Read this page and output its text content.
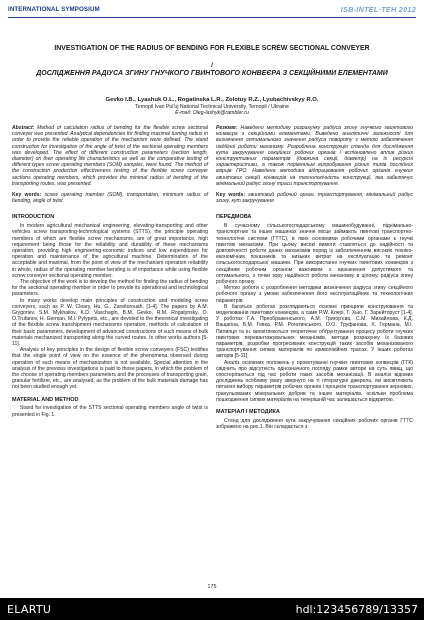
INTERNATIONAL SYMPOSIUM	ISB-INTEL·TEH 2012
INVESTIGATION OF THE RADIUS OF BENDING FOR FLEXIBLE SCREW SECTIONAL CONVEYER
/
ДОСЛІДЖЕННЯ РАДІУСА ЗГИНУ ГНУЧКОГО ГВИНТОВОГО КОНВЕЄРА З СЕКЦІЙНИМИ ЕЛЕМЕНТАМИ
Gevko I.B., Lyashuk O.L., Rogatinska L.R., Zolotuy R.Z., Lyubachivskyy R.O.
Ternopil Ivan Pul'uj National Technical University, Ternopil / Ukraine
E-mail: Oleg-lashyk@rambler.ru

Abstract: Method of calculation radius of bending for the flexible screw sectional conveyer was presented. Analytical dependencies for finding maximal turning radius in order to provide the reliable operation of the mechanism were defined. The stand construction for investigation of the angle of twist of the sectional operating members was developed. The effect of different construction parameters (section length, diameter) on their operating life characteristics as well as the comparative testing of different types screw operating members (SOM) samples, were found. The method of the construction production effectiveness testing of the flexible screw conveyer sections operating members, which provides the minimal radius of bending of the transporting routes, was presented.

Key words: screw operating member (SOM), transportation, minimum radius of bending, angle of twist

INTRODUCTION

In modern agricultural mechanical engineering, elevating-transporting and other vehicles screw transporting-technological systems (STTS), the principle operating members of which are flexible screw mechanisms, are of great importance, high requirement being those for the reliability and durability of these mechanisms operation, providing high engineering-economic indices and low expenditures for operation and maintenance of the agricultural machine. Determination of the acceptable and maximal, from the point of view of the mechanism operation reliability in whole, radius of the operating member bending is of importance while using flexible screw conveyer sectional operating member.

The objective of the work is to develop the method for finding the radius of bending for the sectional operating member in order to provide its operational and technological parameters.

In many works develop main principles of construction and modeling screw conveyers, such as P. W. Cleary, Hu, G., Zareitorouah. [1-4]. The papers by A.M. Grygoriev, S.M. Mykhailov, K.D. Vaschagin, B.M. Gevko, R.M. Rogatynsky, O. O.Trufanov, H. German, M.I. Pylypets, etc., are devoted to the theoretical investigating of the flexible screw transhipment mechanisms operation, methods of calculation of their basic parameters, development of advanced constructions of such means of bulk materials mechanized transporting along the curved routes. In other works authors [5-11].

Analysis of key principles in the design of flexible screw conveyers (FSC) testifies that the single point of view on the essence of the phenomena observed during operation of such means of mechanization is not available. Special attention in the analysis of the previous investigations is paid to those papers, in which the problem of the choose of operating members parameters and the processes of transporting grain, granular fertilizer, etc., are analysed, as the problem of the bulk materials damage has not been studied enough yet.

MATERIAL AND METHOD

Stand for investigation of the STTS sectional operating members angle of twist is presented in Fig. 1.

Резюме: Наведено методику розрахунку радіуса згину гнучкого гвинтового конвеєра з секційними елементами. Виведено аналітичні залежності для визначення оптимального значення радіуса повороту з метою забезпечення надійної роботи механізму. Розроблена конструкція стенда для дослідження кута закручування секційних робочих органів і встановлено вплив різних конструктивних параметрів (довжина секції, діаметр) на їх ресурсні характеристики, а також порівняльні випробування різних типів дослідних взірців ГРО. Наведена методика відпрацювання робочих органів гнучких гвинтових секцій конвеєрів на технологічність конструкції, яка забезпечує мінімальний радіус згину траси транспортування.

Key words: гвинтовий робочий орган, транспортування, мінімальний радіус згину, кут закручування

ПЕРЕДМОВА

В сучасному сільськогосподарському машинобудуванні, піднімально-транспортних та інших машинах значне місце займають гвинтові транспортно-технологічні системи (ГТТС), в яких основними робочими органами є гнучкі гвинтові механізми. При цьому високі вимоги ставляться до надійності та довговічності роботи даних механізмів поряд із забезпеченням високих техніко-економічних показників та низьких витрат на експлуатацію та ремонт сільськогосподарської машини. При використанні гнучких гвинтових конвеєрів з секційним робочим органом важливим є визначення допустимого та оптимального, з точки зору надійності роботи механізму в цілому, радіуса згину робочого органу.

Метою роботи є розроблення методики визначення радіуса згину секційного робочого органу з умови забезпечення його експлуатаційних та технологічних параметрів.

В багатьох роботах розглядаються основні принципи конструювання та моделювання гвинтових конвеєрів, а саме P.W. Клері, Г. Хью, Г. Зарейторуст [1-4]. У роботах Г.А. Преображенського, А.М. Григор'єва, С.М. Михайлова, К.Д. Ващагіна, Б.М. Гевка, Р.М. Рогатинського, О.О. Труфанова, Х. Германа, М.І. Пилипця та ін. висвітлюються теоретичне обґрунтування процесу роботи гнучких гвинтових перевантажувальних механізмів, методи розрахунку їх базових параметрів, розробки прогресивних конструкцій таких засобів механізованого транспортування сипких матеріалів по криволінійних трасах. У інших роботах авторів [5-11].

Аналіз основних положень у проектуванні гнучких гвинтових конвеєрів (ГГК) свідчить про відсутність однозначного погляду рамки автори на суть явищ, що спостерігаються під час роботи таких засобів механізації. В аналізі відомих досліджень особливу увагу звернуто на ті літературні джерела, які висвітлюють питання вибору параметрів робочих органів і процесів транспортування зернових, гранульованих мінеральних добрив та інших матеріалів, оскільки проблема пошкодження сипких матеріалів на теперішній час залишається відкритою.

МАТЕРІАЛ І МЕТОДИКА

Стенд для дослідження кута закручування секційних робочих органів ГТТС зображено на рис.1. Він складається з

175
ELARTU	hdl:123456789/13357
